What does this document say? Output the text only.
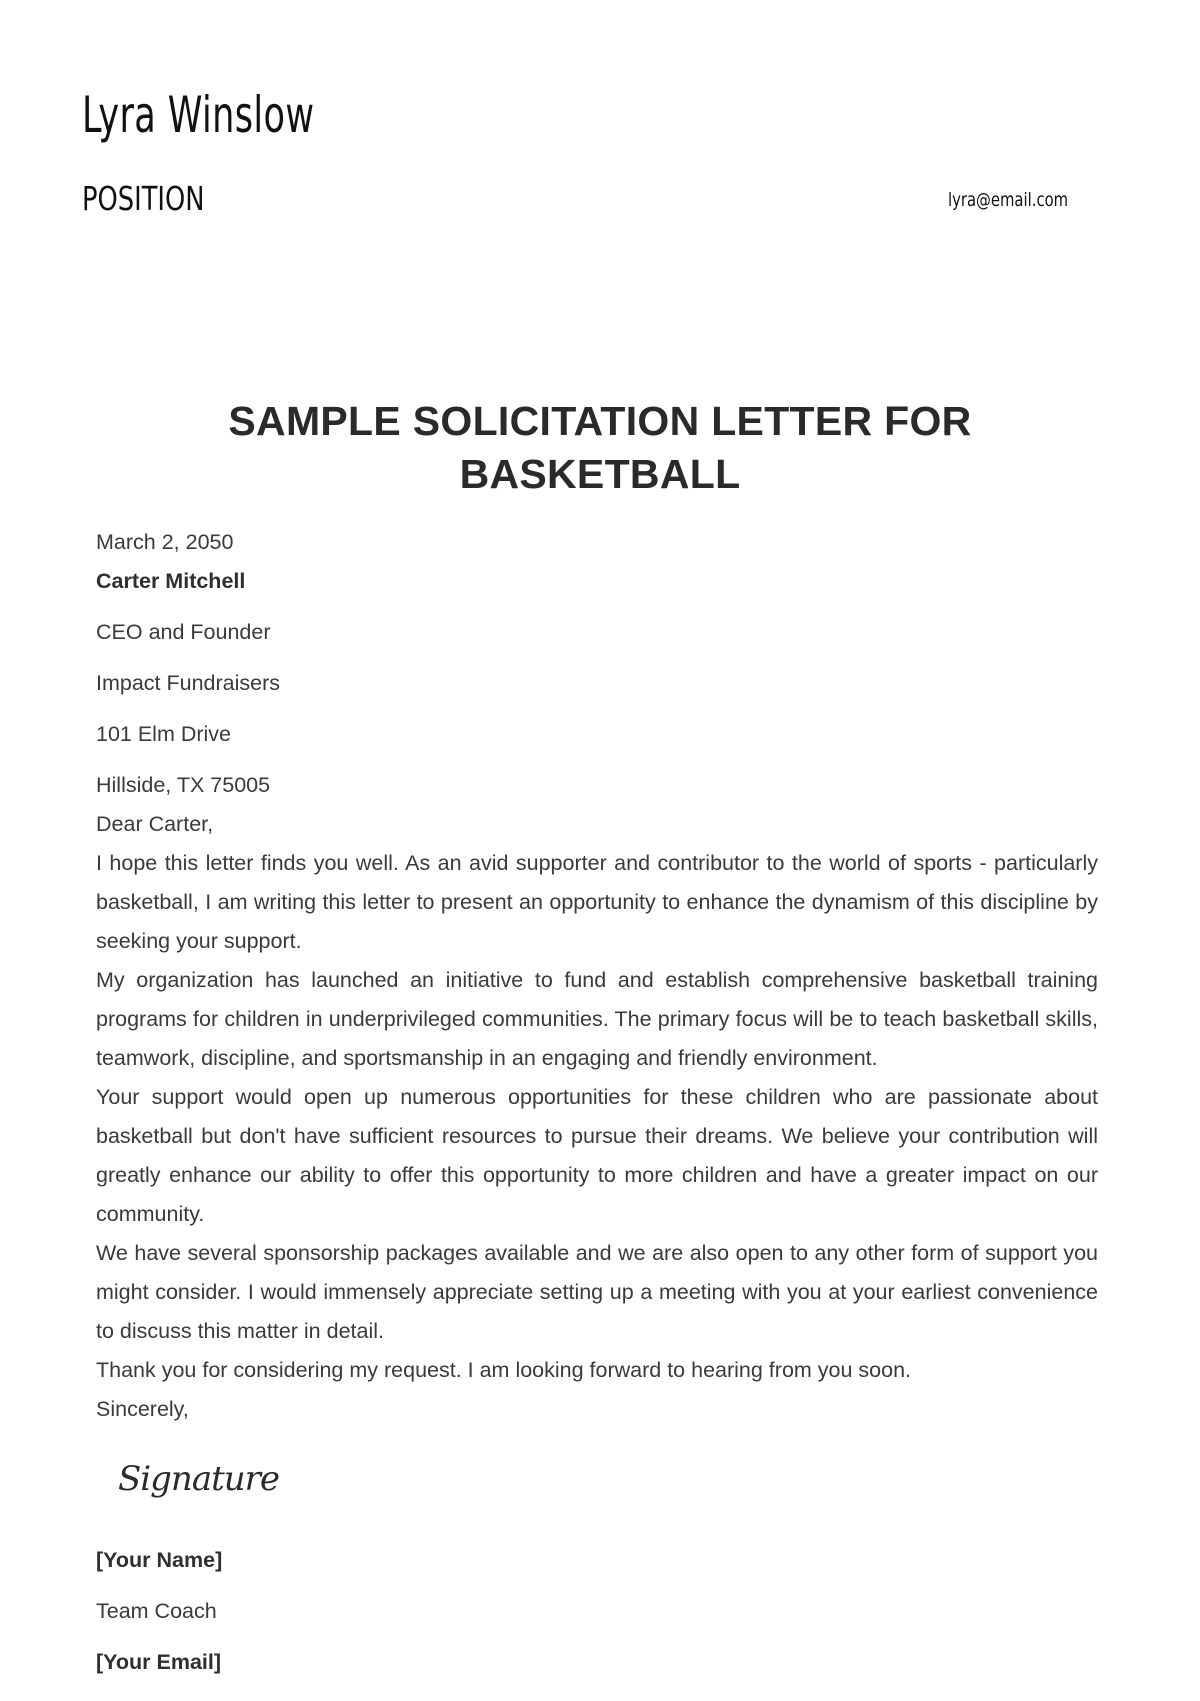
Lyra Winslow
POSITION	lyra@email.com
SAMPLE SOLICITATION LETTER FOR BASKETBALL
March 2, 2050
Carter Mitchell
CEO and Founder
Impact Fundraisers
101 Elm Drive
Hillside, TX 75005
Dear Carter,

I hope this letter finds you well. As an avid supporter and contributor to the world of sports - particularly basketball, I am writing this letter to present an opportunity to enhance the dynamism of this discipline by seeking your support.

My organization has launched an initiative to fund and establish comprehensive basketball training programs for children in underprivileged communities. The primary focus will be to teach basketball skills, teamwork, discipline, and sportsmanship in an engaging and friendly environment.

Your support would open up numerous opportunities for these children who are passionate about basketball but don't have sufficient resources to pursue their dreams. We believe your contribution will greatly enhance our ability to offer this opportunity to more children and have a greater impact on our community.

We have several sponsorship packages available and we are also open to any other form of support you might consider. I would immensely appreciate setting up a meeting with you at your earliest convenience to discuss this matter in detail.

Thank you for considering my request. I am looking forward to hearing from you soon.

Sincerely,
Signature
[Your Name]
Team Coach
[Your Email]
